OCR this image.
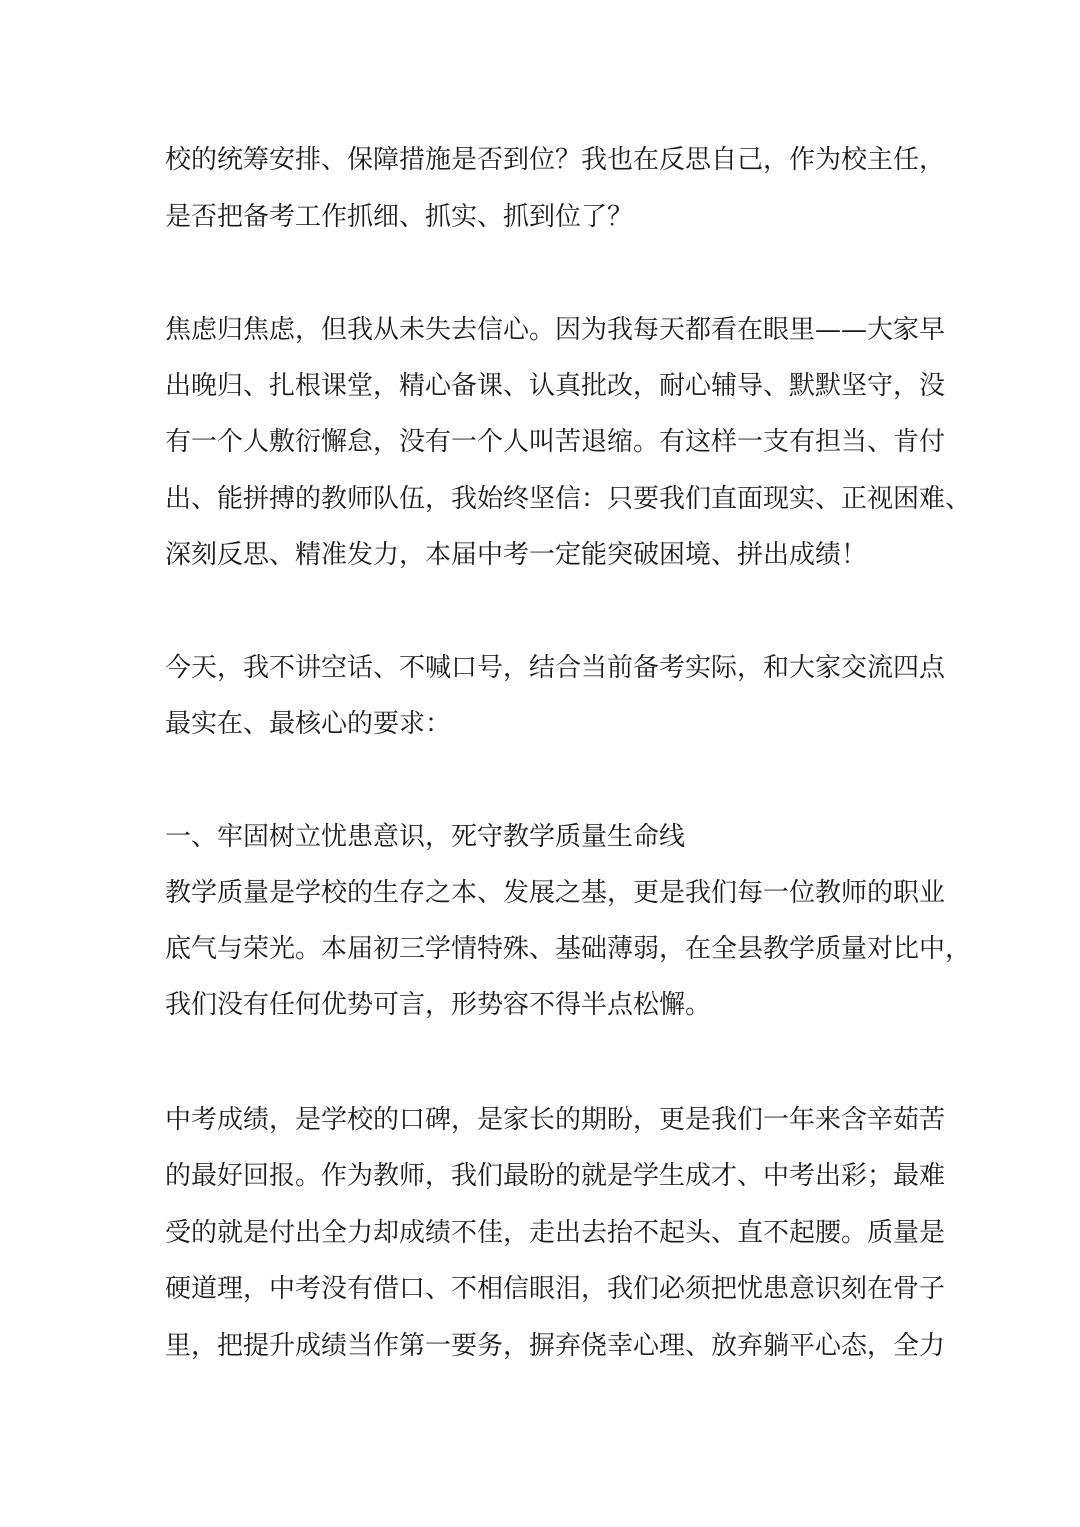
校的统筹安排、保障措施是否到位？我也在反思自己，作为校主任，
是否把备考工作抓细、抓实、抓到位了？
焦虑归焦虑，但我从未失去信心。因为我每天都看在眼里——大家早
出晚归、扎根课堂，精心备课、认真批改，耐心辅导、默默坚守，没
有一个人敷衍懈怠，没有一个人叫苦退缩。有这样一支有担当、肯付
出、能拼搏的教师队伍，我始终坚信：只要我们直面现实、正视困难、
深刻反思、精准发力，本届中考一定能突破困境、拼出成绩！
今天，我不讲空话、不喊口号，结合当前备考实际，和大家交流四点
最实在、最核心的要求：
一、牢固树立忧患意识，死守教学质量生命线
教学质量是学校的生存之本、发展之基，更是我们每一位教师的职业
底气与荣光。本届初三学情特殊、基础薄弱，在全县教学质量对比中，
我们没有任何优势可言，形势容不得半点松懈。
中考成绩，是学校的口碑，是家长的期盼，更是我们一年来含辛茹苦
的最好回报。作为教师，我们最盼的就是学生成才、中考出彩；最难
受的就是付出全力却成绩不佳，走出去抬不起头、直不起腰。质量是
硬道理，中考没有借口、不相信眼泪，我们必须把忧患意识刻在骨子
里，把提升成绩当作第一要务，摒弃侥幸心理、放弃躺平心态，全力
